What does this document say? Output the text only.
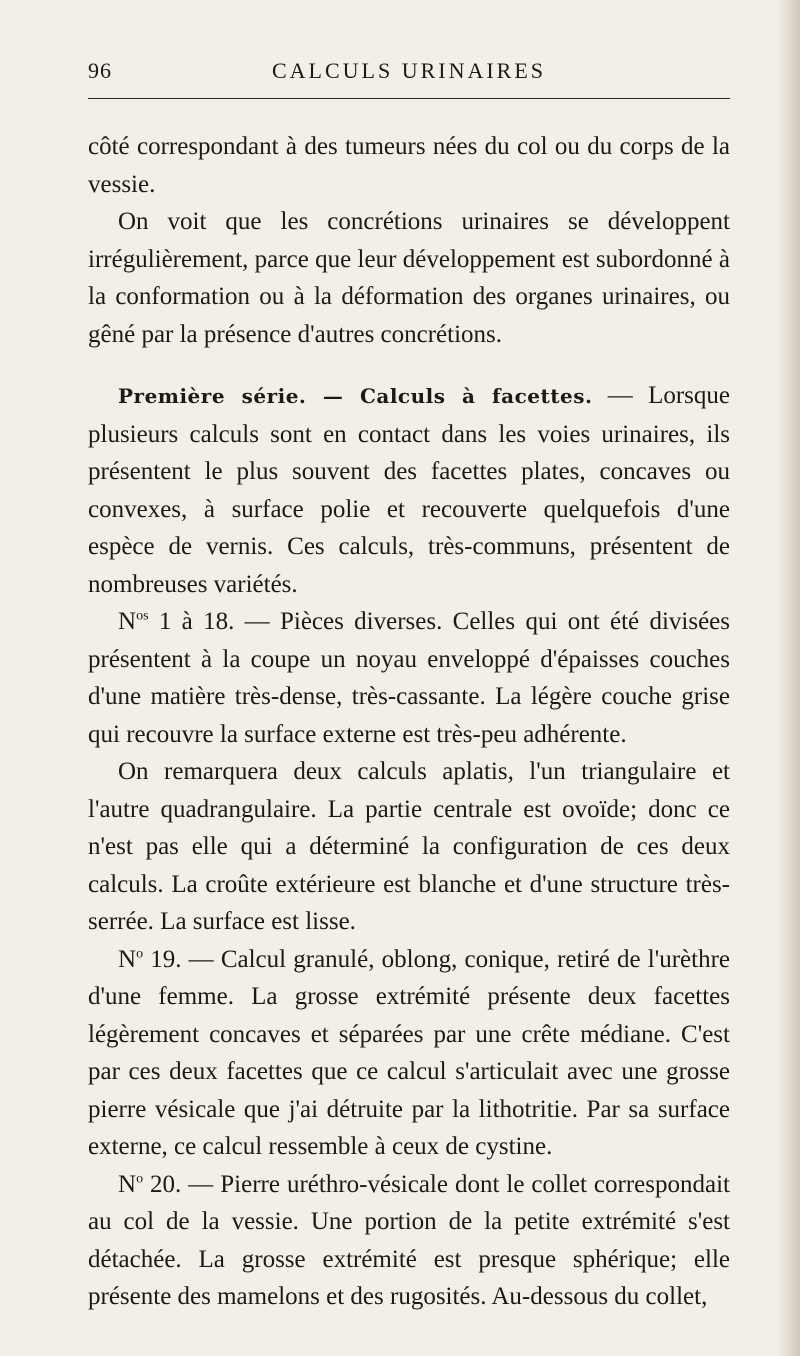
96	CALCULS URINAIRES

côté correspondant à des tumeurs nées du col ou du corps de la vessie.

On voit que les concrétions urinaires se développent irrégulièrement, parce que leur développement est subordonné à la conformation ou à la déformation des organes urinaires, ou gêné par la présence d'autres concrétions.

Première série. — Calculs à facettes. — Lorsque plusieurs calculs sont en contact dans les voies urinaires, ils présentent le plus souvent des facettes plates, concaves ou convexes, à surface polie et recouverte quelquefois d'une espèce de vernis. Ces calculs, très-communs, présentent de nombreuses variétés.

$N^{os}$ 1 à 18. — Pièces diverses. Celles qui ont été divisées présentent à la coupe un noyau enveloppé d'épaisses couches d'une matière très-dense, très-cassante. La légère couche grise qui recouvre la surface externe est très-peu adhérente.

On remarquera deux calculs aplatis, l'un triangulaire et l'autre quadrangulaire. La partie centrale est ovoïde; donc ce n'est pas elle qui a déterminé la configuration de ces deux calculs. La croûte extérieure est blanche et d'une structure très-serrée. La surface est lisse.

$N^o$ 19. — Calcul granulé, oblong, conique, retiré de l'urèthre d'une femme. La grosse extrémité présente deux facettes légèrement concaves et séparées par une crête médiane. C'est par ces deux facettes que ce calcul s'articulait avec une grosse pierre vésicale que j'ai détruite par la lithotritie. Par sa surface externe, ce calcul ressemble à ceux de cystine.

$N^o$ 20. — Pierre uréthro-vésicale dont le collet correspondait au col de la vessie. Une portion de la petite extrémité s'est détachée. La grosse extrémité est presque sphérique; elle présente des mamelons et des rugosités. Au-dessous du collet,
